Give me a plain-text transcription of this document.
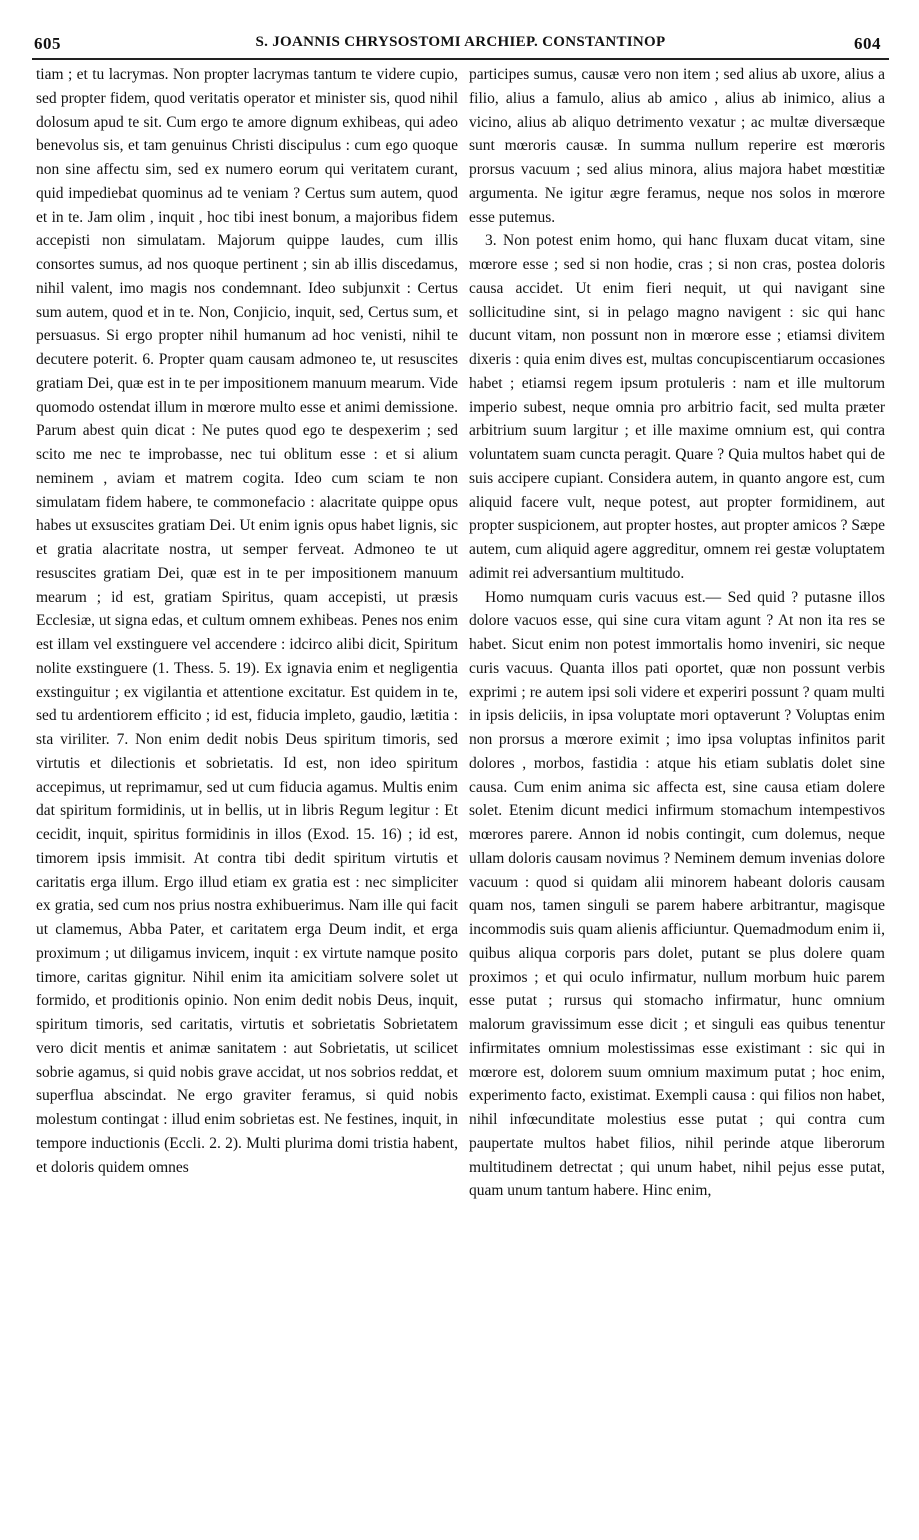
605	S. JOANNIS CHRYSOSTOMI ARCHIEP. CONSTANTINOP	604

tiam ; et tu lacrymas. Non propter lacrymas tantum te videre cupio, sed propter fidem, quod veritatis operator et minister sis, quod nihil dolosum apud te sit. Cum ergo te amore dignum exhibeas, qui adeo benevolus sis, et tam genuinus Christi discipulus : cum ego quoque non sine affectu sim, sed ex numero eorum qui veritatem curant, quid impediebat quominus ad te veniam ? Certus sum autem, quod et in te. Jam olim , inquit , hoc tibi inest bonum, a majoribus fidem accepisti non simulatam. Majorum quippe laudes, cum illis consortes sumus, ad nos quoque pertinent ; sin ab illis discedamus, nihil valent, imo magis nos condemnant. Ideo subjunxit : Certus sum autem, quod et in te. Non, Conjicio, inquit, sed, Certus sum, et persuasus. Si ergo propter nihil humanum ad hoc venisti, nihil te decutere poterit. 6. Propter quam causam admoneo te, ut resuscites gratiam Dei, quæ est in te per impositionem manuum mearum. Vide quomodo ostendat illum in mœrore multo esse et animi demissione. Parum abest quin dicat : Ne putes quod ego te despexerim ; sed scito me nec te improbasse, nec tui oblitum esse : et si alium neminem , aviam et matrem cogita. Ideo cum sciam te non simulatam fidem habere, te commonefacio : alacritate quippe opus habes ut exsuscites gratiam Dei. Ut enim ignis opus habet lignis, sic et gratia alacritate nostra, ut semper ferveat. Admoneo te ut resuscites gratiam Dei, quæ est in te per impositionem manuum mearum ; id est, gratiam Spiritus, quam accepisti, ut præsis Ecclesiæ, ut signa edas, et cultum omnem exhibeas. Penes nos enim est illam vel exstinguere vel accendere : idcirco alibi dicit, Spiritum nolite exstinguere (1. Thess. 5. 19). Ex ignavia enim et negligentia exstinguitur ; ex vigilantia et attentione excitatur. Est quidem in te, sed tu ardentiorem efficito ; id est, fiducia impleto, gaudio, lætitia : sta viriliter. 7. Non enim dedit nobis Deus spiritum timoris, sed virtutis et dilectionis et sobrietatis. Id est, non ideo spiritum accepimus, ut reprimamur, sed ut cum fiducia agamus. Multis enim dat spiritum formidinis, ut in bellis, ut in libris Regum legitur : Et cecidit, inquit, spiritus formidinis in illos (Exod. 15. 16) ; id est, timorem ipsis immisit. At contra tibi dedit spiritum virtutis et caritatis erga illum. Ergo illud etiam ex gratia est : nec simpliciter ex gratia, sed cum nos prius nostra exhibuerimus. Nam ille qui facit ut clamemus, Abba Pater, et caritatem erga Deum indit, et erga proximum ; ut diligamus invicem, inquit : ex virtute namque posito timore, caritas gignitur. Nihil enim ita amicitiam solvere solet ut formido, et proditionis opinio. Non enim dedit nobis Deus, inquit, spiritum timoris, sed caritatis, virtutis et sobrietatis Sobrietatem vero dicit mentis et animæ sanitatem : aut Sobrietatis, ut scilicet sobrie agamus, si quid nobis grave accidat, ut nos sobrios reddat, et superflua abscindat. Ne ergo graviter feramus, si quid nobis molestum contingat : illud enim sobrietas est. Ne festines, inquit, in tempore inductionis (Eccli. 2. 2). Multi plurima domi tristia habent, et doloris quidem omnes

participes sumus, causæ vero non item ; sed alius ab uxore, alius a filio, alius a famulo, alius ab amico , alius ab inimico, alius a vicino, alius ab aliquo detrimento vexatur ; ac multæ diversæque sunt mœroris causæ. In summa nullum reperire est mœroris prorsus vacuum ; sed alius minora, alius majora habet mœstitiæ argumenta. Ne igitur ægre feramus, neque nos solos in mœrore esse putemus.

3. Non potest enim homo, qui hanc fluxam ducat vitam, sine mœrore esse ; sed si non hodie, cras ; si non cras, postea doloris causa accidet. Ut enim fieri nequit, ut qui navigant sine sollicitudine sint, si in pelago magno navigent : sic qui hanc ducunt vitam, non possunt non in mœrore esse ; etiamsi divitem dixeris : quia enim dives est, multas concupiscentiarum occasiones habet ; etiamsi regem ipsum protuleris : nam et ille multorum imperio subest, neque omnia pro arbitrio facit, sed multa præter arbitrium suum largitur ; et ille maxime omnium est, qui contra voluntatem suam cuncta peragit. Quare ? Quia multos habet qui de suis accipere cupiant. Considera autem, in quanto angore est, cum aliquid facere vult, neque potest, aut propter formidinem, aut propter suspicionem, aut propter hostes, aut propter amicos ? Sæpe autem, cum aliquid agere aggreditur, omnem rei gestæ voluptatem adimit rei adversantium multitudo.

Homo numquam curis vacuus est.— Sed quid ? putasne illos dolore vacuos esse, qui sine cura vitam agunt ? At non ita res se habet. Sicut enim non potest immortalis homo inveniri, sic neque curis vacuus. Quanta illos pati oportet, quæ non possunt verbis exprimi ; re autem ipsi soli videre et experiri possunt ? quam multi in ipsis deliciis, in ipsa voluptate mori optaverunt ? Voluptas enim non prorsus a mœrore eximit ; imo ipsa voluptas infinitos parit dolores , morbos, fastidia : atque his etiam sublatis dolet sine causa. Cum enim anima sic affecta est, sine causa etiam dolere solet. Etenim dicunt medici infirmum stomachum intempestivos mœrores parere. Annon id nobis contingit, cum dolemus, neque ullam doloris causam novimus ? Neminem demum invenias dolore vacuum : quod si quidam alii minorem habeant doloris causam quam nos, tamen singuli se parem habere arbitrantur, magisque incommodis suis quam alienis afficiuntur. Quemadmodum enim ii, quibus aliqua corporis pars dolet, putant se plus dolere quam proximos ; et qui oculo infirmatur, nullum morbum huic parem esse putat ; rursus qui stomacho infirmatur, hunc omnium malorum gravissimum esse dicit ; et singuli eas quibus tenentur infirmitates omnium molestissimas esse existimant : sic qui in mœrore est, dolorem suum omnium maximum putat ; hoc enim, experimento facto, existimat. Exempli causa : qui filios non habet, nihil infœcunditate molestius esse putat ; qui contra cum paupertate multos habet filios, nihil perinde atque liberorum multitudinem detrectat ; qui unum habet, nihil pejus esse putat, quam unum tantum habere. Hinc enim,
